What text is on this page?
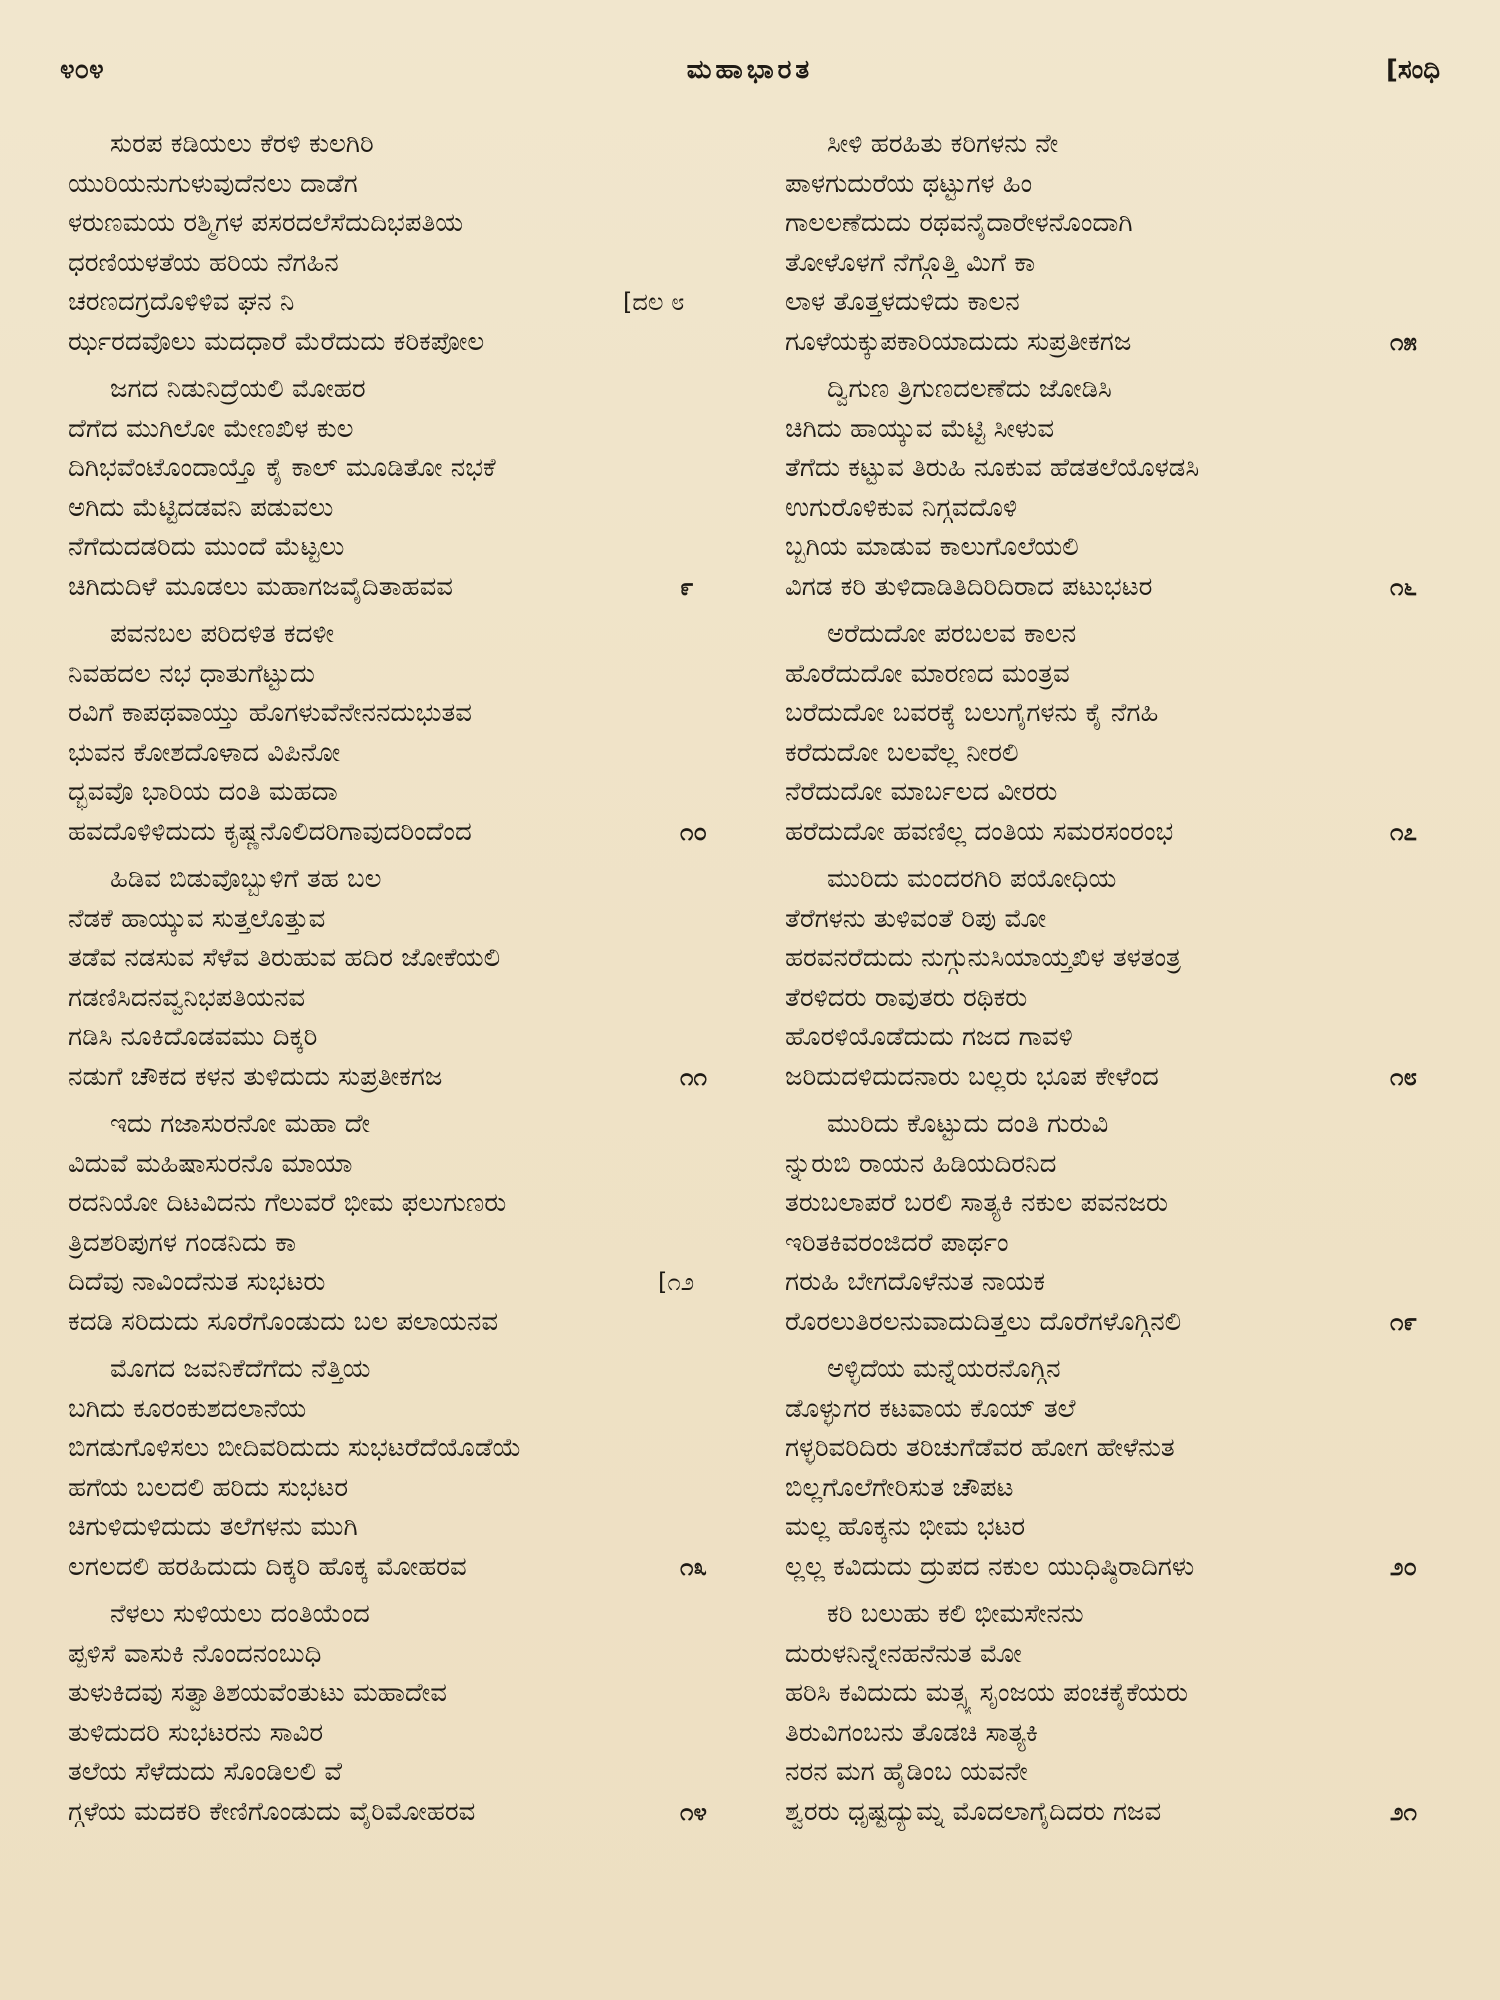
೪೦೪	ಮಹಾಭಾರತ	[ಸಂಧಿ
ಸುರಪ ಕಡಿಯಲು ಕೆರಳಿ ಕುಲಗಿರಿ
ಯುರಿಯನುಗುಳುವುದೆನಲು ದಾಡೆಗ
ಳರುಣಮಯ ರಶ್ಮಿಗಳ ಪಸರದಲೆಸೆದುದಿಭಪತಿಯ
ಧರಣಿಯಳತೆಯ ಹರಿಯ ನೆಗಹಿನ
ಚರಣದಗ್ರದೊಳಿಳಿವ ಘನ ನಿ
ರ್ಝರದವೊಲು ಮದಧಾರೆ ಮೆರೆದುದು ಕರಿಕಪೋಲ
[ದಲ ೮
ಜಗದ ನಿಡುನಿದ್ರೆಯಲಿ ಮೋಹರ
ದೆಗೆದ ಮುಗಿಲೋ ಮೇಣಖಿಳ ಕುಲ
ದಿಗಿಭವೆಂಟೊಂದಾಯ್ತೊ ಕೈ ಕಾಲ್ ಮೂಡಿತೋ ನಭಕೆ
ಅಗಿದು ಮೆಟ್ಟಿದಡವನಿ ಪಡುವಲು
ನೆಗೆದುದಡರಿದು ಮುಂದೆ ಮೆಟ್ಟಲು
ಚಿಗಿದುದಿಳೆ ಮೂಡಲು ಮಹಾಗಜವೈದಿತಾಹವವ	೯
ಪವನಬಲ ಪರಿದಳಿತ ಕದಳೀ
ನಿವಹದಲ ನಭ ಧಾತುಗೆಟ್ಟುದು
ರವಿಗೆ ಕಾಪಥವಾಯ್ತು ಹೊಗಳುವೆನೇನನದುಭುತವ
ಭುವನ ಕೋಶದೊಳಾದ ವಿಪಿನೋ
ದ್ಭವವೊ ಭಾರಿಯ ದಂತಿ ಮಹದಾ
ಹವದೊಳಿಳಿದುದು ಕೃಷ್ಣನೊಲಿದರಿಗಾವುದರಿಂದೆಂದ	೧೦
ಹಿಡಿವ ಬಿಡುವೊಬ್ಬುಳಿಗೆ ತಹ ಬಲ
ನೆಡಕೆ ಹಾಯ್ಕುವ ಸುತ್ತಲೊತ್ತುವ
ತಡೆವ ನಡಸುವ ಸೆಳೆವ ತಿರುಹುವ ಹದಿರ ಜೋಕೆಯಲಿ
ಗಡಣಿಸಿದನವ್ವನಿಭಪತಿಯನವ
ಗಡಿಸಿ ನೂಕಿದೊಡವಮು ದಿಕ್ಕರಿ
ನಡುಗೆ ಚೌಕದ ಕಳನ ತುಳಿದುದು ಸುಪ್ರತೀಕಗಜ	೧೧
ಇದು ಗಜಾಸುರನೋ ಮಹಾ ದೇ
ವಿದುವೆ ಮಹಿಷಾಸುರನೊ ಮಾಯಾ
ರದನಿಯೋ ದಿಟವಿದನು ಗೆಲುವರೆ ಭೀಮ ಫಲುಗುಣರು
ತ್ರಿದಶರಿಪುಗಳ ಗಂಡನಿದು ಕಾ
ದಿದೆವು ನಾವಿಂದೆನುತ ಸುಭಟರು
ಕದಡಿ ಸರಿದುದು ಸೂರೆಗೊಂಡುದು ಬಲ ಪಲಾಯನವ
[೧೨
ಮೊಗದ ಜವನಿಕೆದೆಗೆದು ನೆತ್ತಿಯ
ಬಗಿದು ಕೂರಂಕುಶದಲಾನೆಯ
ಬಿಗಡುಗೊಳಿಸಲು ಬೀದಿವರಿದುದು ಸುಭಟರೆದೆಯೊಡೆಯೆ
ಹಗೆಯ ಬಲದಲಿ ಹರಿದು ಸುಭಟರ
ಚಿಗುಳಿದುಳಿದುದು ತಲೆಗಳನು ಮುಗಿ
ಲಗಲದಲಿ ಹರಹಿದುದು ದಿಕ್ಕರಿ ಹೊಕ್ಕ ಮೋಹರವ	೧೩
ನೆಳಲು ಸುಳಿಯಲು ದಂತಿಯೆಂದ
ಪ್ಪಳಿಸೆ ವಾಸುಕಿ ನೊಂದನಂಬುಧಿ
ತುಳುಕಿದವು ಸತ್ವಾತಿಶಯವೆಂತುಟು ಮಹಾದೇವ
ತುಳಿದುದರಿ ಸುಭಟರನು ಸಾವಿರ
ತಲೆಯ ಸೆಳೆದುದು ಸೊಂಡಿಲಲಿ ವೆ
ಗ್ಗಳೆಯ ಮದಕರಿ ಕೇಣಿಗೊಂಡುದು ವೈರಿಮೋಹರವ	೧೪
ಸೀಳಿ ಹರಹಿತು ಕರಿಗಳನು ನೇ
ಪಾಳಗುದುರೆಯ ಥಟ್ಟುಗಳ ಹಿಂ
ಗಾಲಲಣೆದುದು ರಥವನೈದಾರೇಳನೊಂದಾಗಿ
ತೋಳೊಳಗೆ ನೆಗ್ಗೊತ್ತಿ ಮಿಗೆ ಕಾ
ಲಾಳ ತೊತ್ತಳದುಳಿದು ಕಾಲನ
ಗೂಳೆಯಕ್ಕುಪಕಾರಿಯಾದುದು ಸುಪ್ರತೀಕಗಜ	೧೫
ದ್ವಿಗುಣ ತ್ರಿಗುಣದಲಣೆದು ಜೋಡಿಸಿ
ಚಿಗಿದು ಹಾಯ್ಕುವ ಮೆಟ್ಟಿ ಸೀಳುವ
ತೆಗೆದು ಕಟ್ಟುವ ತಿರುಹಿ ನೂಕುವ ಹೆಡತಲೆಯೊಳಡಸಿ
ಉಗುರೊಳಿಕುವ ನಿಗ್ಗವದೊಳಿ
ಬ್ಬಗಿಯ ಮಾಡುವ ಕಾಲುಗೊಲೆಯಲಿ
ವಿಗಡ ಕರಿ ತುಳಿದಾಡಿತಿದಿರಿದಿರಾದ ಪಟುಭಟರ	೧೬
ಅರೆದುದೋ ಪರಬಲವ ಕಾಲನ
ಹೊರೆದುದೋ ಮಾರಣದ ಮಂತ್ರವ
ಬರೆದುದೋ ಬವರಕ್ಕೆ ಬಲುಗೈಗಳನು ಕೈ ನೆಗಹಿ
ಕರೆದುದೋ ಬಲವೆಲ್ಲ ನೀರಲಿ
ನೆರೆದುದೋ ಮಾರ್ಬಲದ ವೀರರು
ಹರೆದುದೋ ಹವಣಿಲ್ಲ ದಂತಿಯ ಸಮರಸಂರಂಭ	೧೭
ಮುರಿದು ಮಂದರಗಿರಿ ಪಯೋಧಿಯ
ತೆರೆಗಳನು ತುಳಿವಂತೆ ರಿಪು ಮೋ
ಹರವನರೆದುದು ನುಗ್ಗುನುಸಿಯಾಯ್ತಖಿಳ ತಳತಂತ್ರ
ತೆರಳಿದರು ರಾವುತರು ರಥಿಕರು
ಹೊರಳಿಯೊಡೆದುದು ಗಜದ ಗಾವಳಿ
ಜರಿದುದಳಿದುದನಾರು ಬಲ್ಲರು ಭೂಪ ಕೇಳೆಂದ	೧೮
ಮುರಿದು ಕೊಟ್ಟುದು ದಂತಿ ಗುರುವಿ
ನ್ನುರುಬಿ ರಾಯನ ಹಿಡಿಯದಿರನಿದ
ತರುಬಲಾಪರೆ ಬರಲಿ ಸಾತ್ಯಕಿ ನಕುಲ ಪವನಜರು
ಇರಿತಕಿವರಂಜಿದರೆ ಪಾರ್ಥಂ
ಗರುಹಿ ಬೇಗದೊಳೆನುತ ನಾಯಕ
ರೊರಲುತಿರಲನುವಾದುದಿತ್ತಲು ದೊರೆಗಳೊಗ್ಗಿನಲಿ	೧೯
ಅಳ್ಳಿದೆಯ ಮನ್ನೆಯರನೊಗ್ಗಿನ
ಡೊಳ್ಳುಗರ ಕಟವಾಯ ಕೊಯ್ ತಲೆ
ಗಳ್ಳರಿವರಿದಿರು ತರಿಚುಗೆಡೆವರ ಹೋಗ ಹೇಳೆನುತ
ಬಿಲ್ಲಗೊಲೆಗೇರಿಸುತ ಚೌಪಟ
ಮಲ್ಲ ಹೊಕ್ಕನು ಭೀಮ ಭಟರ
ಲ್ಲಲ್ಲ ಕವಿದುದು ದ್ರುಪದ ನಕುಲ ಯುಧಿಷ್ಠಿರಾದಿಗಳು	೨೦
ಕರಿ ಬಲುಹು ಕಲಿ ಭೀಮಸೇನನು
ದುರುಳನಿನ್ನೇನಹನೆನುತ ಮೋ
ಹರಿಸಿ ಕವಿದುದು ಮತ್ಸ್ಯ ಸೃಂಜಯ ಪಂಚಕೈಕೆಯರು
ತಿರುವಿಗಂಬನು ತೊಡಚಿ ಸಾತ್ಯಕಿ
ನರನ ಮಗ ಹೈಡಿಂಬ ಯವನೇ
ಶ್ವರರು ಧೃಷ್ಟದ್ಯುಮ್ನ ಮೊದಲಾಗೈದಿದರು ಗಜವ	೨೧
